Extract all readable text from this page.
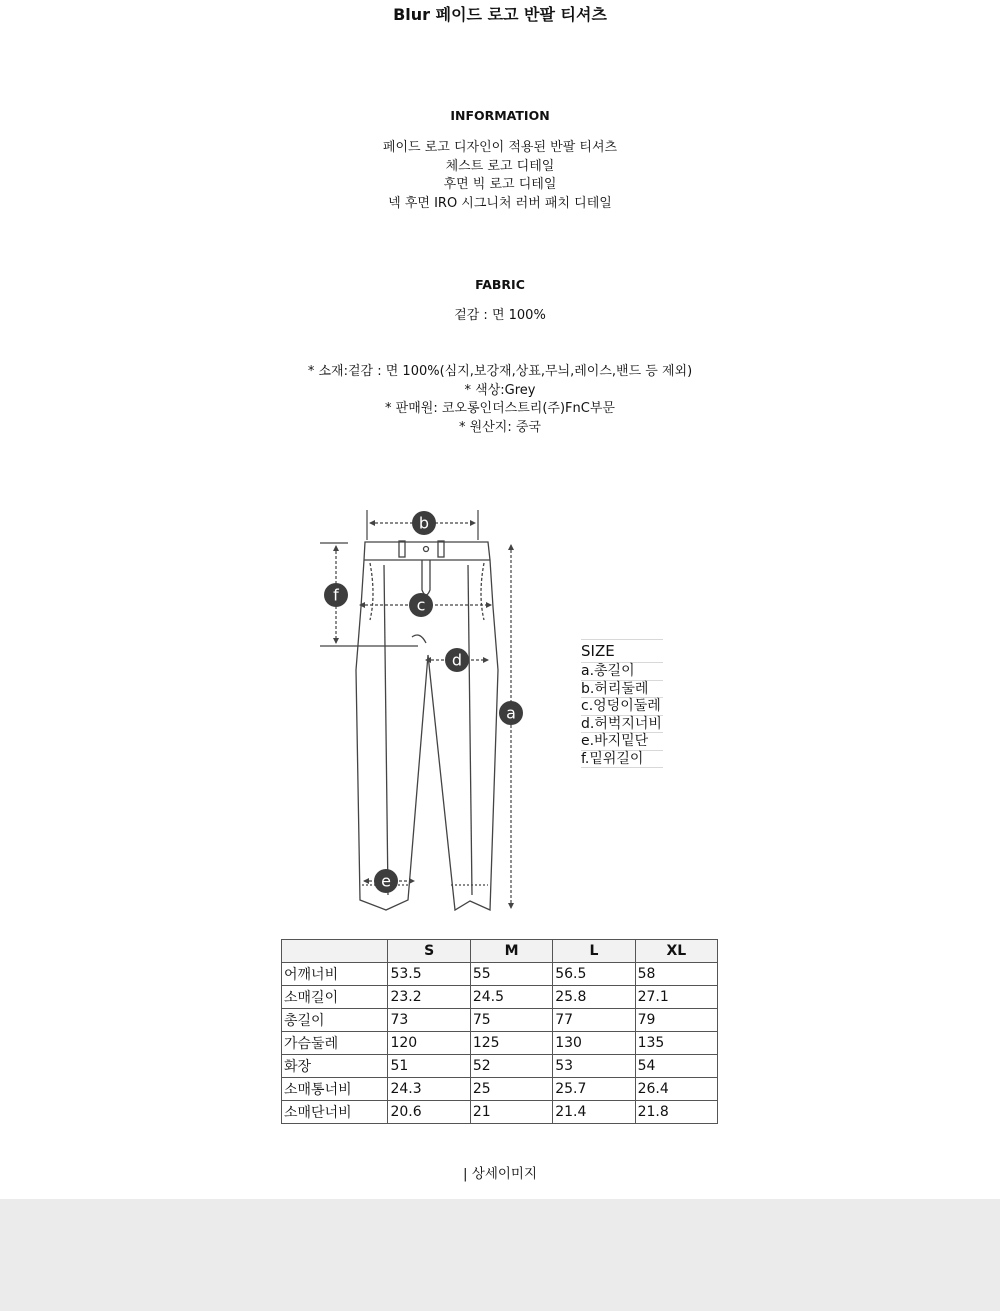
Blur 페이드 로고 반팔 티셔츠
INFORMATION
페이드 로고 디자인이 적용된 반팔 티셔츠
체스트 로고 디테일
후면 빅 로고 디테일
넥 후면 IRO 시그니처 러버 패치 디테일
FABRIC
겉감 : 면 100%
* 소재:겉감 : 면 100%(심지,보강재,상표,무늬,레이스,밴드 등 제외)
* 색상:Grey
* 판매원: 코오롱인더스트리(주)FnC부문
* 원산지: 중국
b
c
f
d
a
e
SIZE
a.총길이
b.허리둘레
c.엉덩이둘레
d.허벅지너비
e.바지밑단
f.밑위길이
	S	M	L	XL
어깨너비	53.5	55	56.5	58
소매길이	23.2	24.5	25.8	27.1
총길이	73	75	77	79
가슴둘레	120	125	130	135
화장	51	52	53	54
소매통너비	24.3	25	25.7	26.4
소매단너비	20.6	21	21.4	21.8
| 상세이미지
